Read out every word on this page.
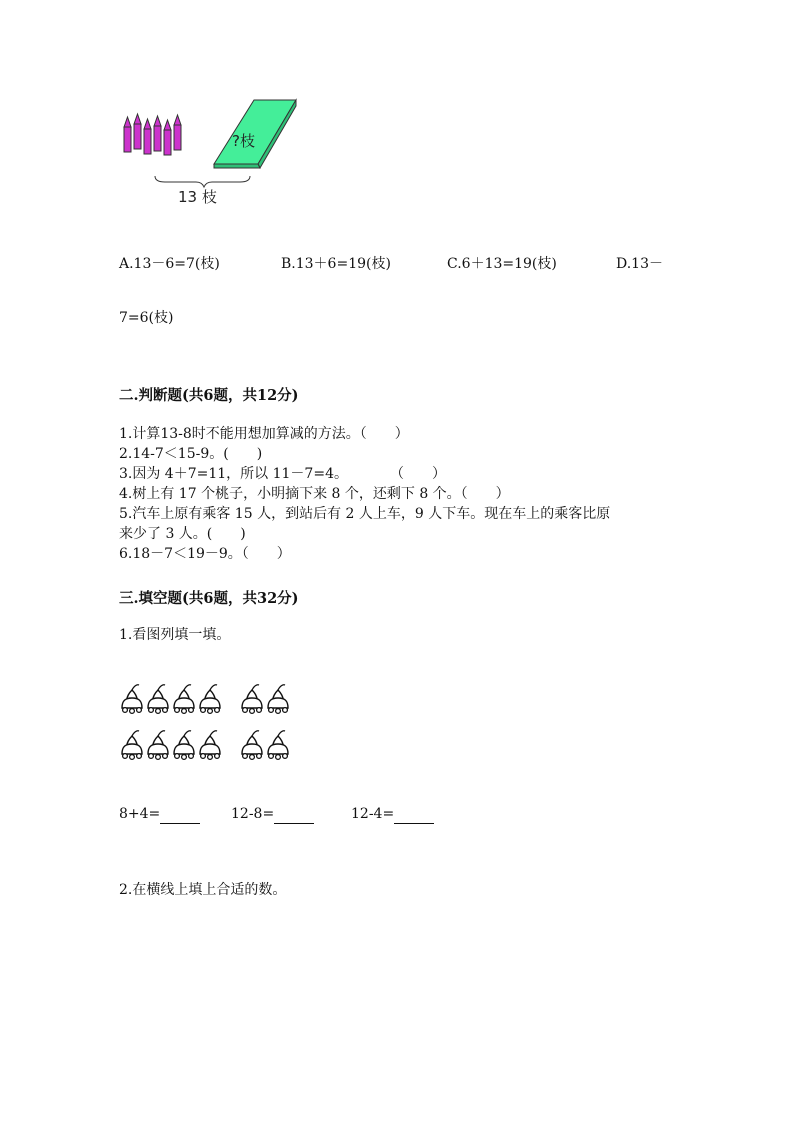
?枝
13 枝
A.13－6=7(枝)	B.13＋6=19(枝)	C.6＋13=19(枝)	D.13－
7=6(枝)
二.判断题(共6题，共12分)
1.计算13-8时不能用想加算减的方法。（　　）
2.14-7＜15-9。(　　)
3.因为 4＋7=11，所以 11－7=4。　　　　（　　）
4.树上有 17 个桃子，小明摘下来 8 个，还剩下 8 个。（　　）
5.汽车上原有乘客 15 人，到站后有 2 人上车，9 人下车。现在车上的乘客比原
来少了 3 人。(　　)
6.18－7＜19－9。（　　）
三.填空题(共6题，共32分)
1.看图列填一填。
8+4=	12-8=	12-4=
2.在横线上填上合适的数。
